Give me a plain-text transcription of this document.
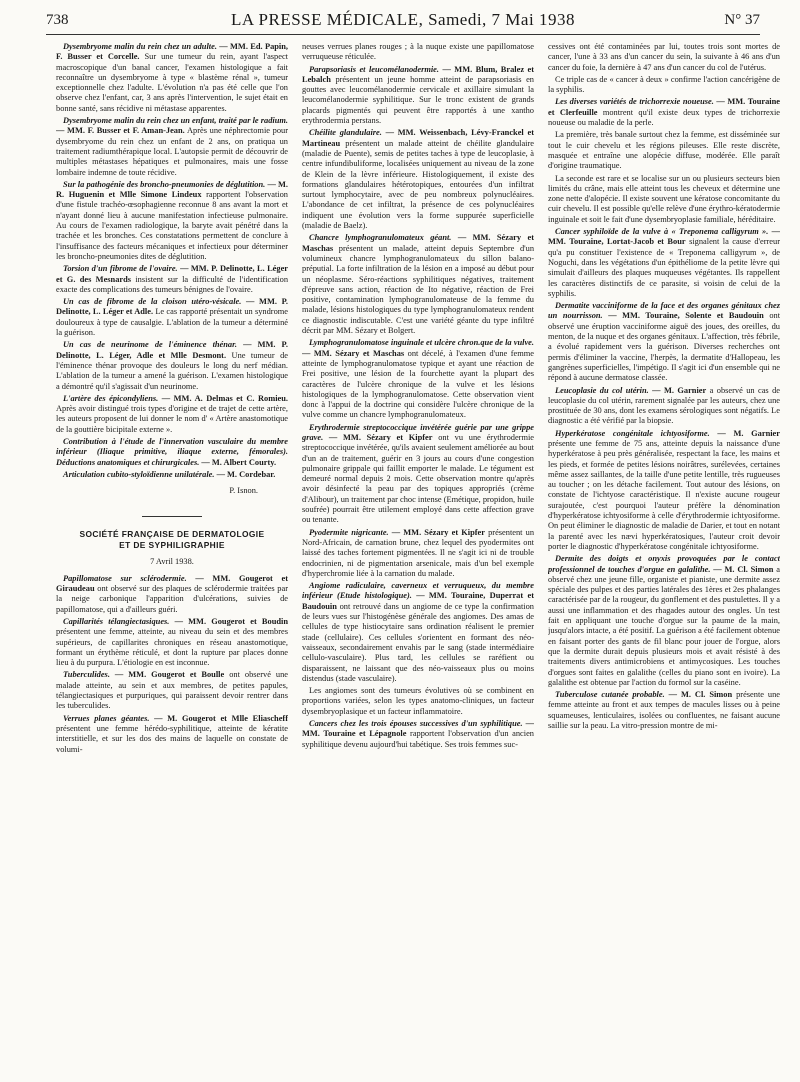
738	LA PRESSE MÉDICALE, Samedi, 7 Mai 1938	N° 37

Dysembryome malin du rein chez un adulte. — MM. Ed. Papin, F. Busser et Corcelle. Sur une tumeur du rein, ayant l'aspect macroscopique d'un banal cancer, l'examen histologique a fait reconnaître un dysembryome à type « blastème rénal », tumeur exceptionnelle chez l'adulte. L'évolution n'a pas été celle que l'on observe chez l'enfant, car, 3 ans après l'intervention, le sujet était en bonne santé, sans récidive ni métastase apparentes.

Dysembryome malin du rein chez un enfant, traité par le radium. — MM. F. Busser et F. Aman-Jean. Après une néphrectomie pour dysembryome du rein chez un enfant de 2 ans, on pratiqua un traitement radiumthérapique local. L'autopsie permit de découvrir de multiples métastases hépatiques et pulmonaires, mais une fosse lombaire indemne de toute récidive.

Sur la pathogénie des broncho-pneumonies de déglutition. — M. R. Huguenin et Mlle Simone Lindeux rapportent l'observation d'une fistule trachéo-œsophagienne reconnue 8 ans avant la mort et n'ayant donné lieu à aucune manifestation infectieuse pulmonaire. Au cours de l'examen radiologique, la baryte avait pénétré dans la trachée et les bronches. Ces constatations permettent de conclure à l'insuffisance des facteurs mécaniques et infectieux pour déterminer les broncho-pneumonies dites de déglutition.

Torsion d'un fibrome de l'ovaire. — MM. P. Delinotte, L. Léger et G. des Mesnards insistent sur la difficulté de l'identification exacte des complications des tumeurs bénignes de l'ovaire.

Un cas de fibrome de la cloison utéro-vésicale. — MM. P. Delinotte, L. Léger et Adle. Le cas rapporté présentait un syndrome douloureux à type de causalgie. L'ablation de la tumeur a déterminé la guérison.

Un cas de neurinome de l'éminence thénar. — MM. P. Delinotte, L. Léger, Adle et Mlle Desmont. Une tumeur de l'éminence thénar provoque des douleurs le long du nerf médian. L'ablation de la tumeur a amené la guérison. L'examen histologique a démontré qu'il s'agissait d'un neurinome.

L'artère des épicondyliens. — MM. A. Delmas et C. Romieu. Après avoir distingué trois types d'origine et de trajet de cette artère, les auteurs proposent de lui donner le nom d' « Artère anastomotique de la gouttière bicipitale externe ».

Contribution à l'étude de l'innervation vasculaire du membre inférieur (Iliaque primitive, iliaque externe, fémorales). Déductions anatomiques et chirurgicales. — M. Albert Courty.

Articulation cubito-styloïdienne unilatérale. — M. Cordebar.

P. Isnon.
SOCIÉTÉ FRANÇAISE DE DERMATOLOGIE
ET DE SYPHILIGRAPHIE
7 Avril 1938.

Papillomatose sur sclérodermie. — MM. Gougerot et Giraudeau ont observé sur des plaques de sclérodermie traitées par la neige carbonique l'apparition d'ulcérations, suivies de papillomatose, qui a d'ailleurs guéri.

Capillarités télangiectasiques. — MM. Gougerot et Boudin présentent une femme, atteinte, au niveau du sein et des membres supérieurs, de capillarites chroniques en réseau anastomotique, formant un érythème réticulé, et dont la rupture par places donne lieu à du purpura. L'étiologie en est inconnue.

Tuberculides. — MM. Gougerot et Boulle ont observé une malade atteinte, au sein et aux membres, de petites papules, télangiectasiques et purpuriques, qui paraissent devoir rentrer dans les tuberculides.

Verrues planes géantes. — M. Gougerot et Mlle Eliascheff présentent une femme hérédo-syphilitique, atteinte de kératite interstitielle, et sur les dos des mains de laquelle on constate de volumi-

neuses verrues planes rouges ; à la nuque existe une papillomatose verruqueuse réticulée.

Parapsoriasis et leucomélanodermie. — MM. Blum, Bralez et Lebalch présentent un jeune homme atteint de parapsoriasis en gouttes avec leucomélanodermie cervicale et axillaire simulant la leucomélanodermie syphilitique. Sur le tronc existent de grands placards pigmentés qui peuvent être rapportés à une xantho erythrodermia perstans.

Chéilite glandulaire. — MM. Weissenbach, Lévy-Franckel et Martineau présentent un malade atteint de chéilite glandulaire (maladie de Puente), semis de petites taches à type de leucoplasie, à centre infundibuliforme, localisées uniquement au niveau de la zone de Klein de la lèvre inférieure. Histologiquement, il existe des formations glandulaires hétérotopiques, entourées d'un infiltrat surtout lymphocytaire, avec de peu nombreux polynucléaires. L'abondance de cet infiltrat, la présence de ces polynucléaires indiquent une évolution vers la forme suppurée superficielle (maladie de Baelz).

Chancre lymphogranulomateux géant. — MM. Sézary et Maschas présentent un malade, atteint depuis Septembre d'un volumineux chancre lymphogranulomateux du sillon balano-préputial. La forte infiltration de la lésion en a imposé au début pour un néoplasme. Séro-réactions syphilitiques négatives, traitement d'épreuve sans action, réaction de Ito négative, réaction de Frei positive, contamination lymphogranulomateuse de la femme du malade, lésions histologiques du type lymphogranulomateux rendent ce diagnostic indiscutable. C'est une variété géante du type infiltré décrit par MM. Sézary et Bolgert.

Lymphogranulomatose inguinale et ulcère chron.que de la vulve. — MM. Sézary et Maschas ont décelé, à l'examen d'une femme atteinte de lymphogranulomatose typique et ayant une réaction de Frei positive, une lésion de la fourchette ayant la plupart des caractères de l'ulcère chronique de la vulve et les lésions histologiques de la lymphogranulomatose. Cette observation vient donc à l'appui de la doctrine qui considère l'ulcère chronique de la vulve comme un chancre lymphogranulomateux.

Erythrodermie streptococcique invétérée guérie par une grippe grave. — MM. Sézary et Kipfer ont vu une érythrodermie streptococcique invétérée, qu'ils avaient seulement améliorée au bout d'un an de traitement, guérir en 3 jours au cours d'une congestion pulmonaire grippale qui faillit emporter le malade. Le tégument est demeuré normal depuis 2 mois. Cette observation montre qu'après avoir désinfecté la peau par des topiques appropriés (crème d'Alibour), un traitement par choc intense (Emétique, propidon, huile soufrée) pourrait être utilement employé dans cette affection grave ou tenante.

Pyodermite nigricante. — MM. Sézary et Kipfer présentent un Nord-Africain, de carnation brune, chez lequel des pyodermites ont laissé des taches fortement pigmentées. Il ne s'agit ici ni de trouble endocrinien, ni de pigmentation arsenicale, mais d'un bel exemple d'hyperchromie liée à la carnation du malade.

Angiome radiculaire, caverneux et verruqueux, du membre inférieur (Etude histologique). — MM. Touraine, Duperrat et Baudouin ont retrouvé dans un angiome de ce type la confirmation de leurs vues sur l'histogénèse générale des angiomes. Des amas de cellules de type histiocytaire sans ordination réalisent le premier stade (cellulaire). Ces cellules s'orientent en formant des néo-vaisseaux, secondairement envahis par le sang (stade intermédiaire cellulo-vasculaire). Plus tard, les cellules se raréfient ou disparaissent, ne laissant que des néo-vaisseaux plus ou moins distendus (stade vasculaire).

Les angiomes sont des tumeurs évolutives où se combinent en proportions variées, selon les types anatomo-cliniques, un facteur dysembryoplasique et un facteur inflammatoire.

Cancers chez les trois épouses successives d'un syphilitique. — MM. Touraine et Lépagnole rapportent l'observation d'un ancien syphilitique devenu aujourd'hui tabétique. Ses trois femmes suc-

cessives ont été contaminées par lui, toutes trois sont mortes de cancer, l'une à 33 ans d'un cancer du sein, la suivante à 46 ans d'un cancer du foie, la dernière à 47 ans d'un cancer du col de l'utérus.

Ce triple cas de « cancer à deux » confirme l'action cancérigène de la syphilis.

Les diverses variétés de trichorrexie noueuse. — MM. Touraine et Clerfeuille montrent qu'il existe deux types de trichorrexie noueuse ou maladie de la perle.

La première, très banale surtout chez la femme, est disséminée sur tout le cuir chevelu et les régions pileuses. Elle reste discrète, masquée et entraîne une alopécie diffuse, modérée. Elle paraît d'origine traumatique.

La seconde est rare et se localise sur un ou plusieurs secteurs bien limités du crâne, mais elle atteint tous les cheveux et détermine une zone nette d'alopécie. Il existe souvent une kératose concomitante du cuir chevelu. Il est possible qu'elle relève d'une érythro-kératodermie inguinale et soit le fait d'une dysembryoplasie familiale, héréditaire.

Cancer syphiloïde de la vulve à « Treponema calligyrum ». — MM. Touraine, Lortat-Jacob et Bour signalent la cause d'erreur qu'a pu constituer l'existence de « Treponema calligyrum », de Noguchi, dans les végétations d'un épithéliome de la petite lèvre qui simulait d'ailleurs des plaques muqueuses végétantes. Ils rappellent les caractères distinctifs de ce parasite, si voisin de celui de la syphilis.

Dermatite vacciniforme de la face et des organes génitaux chez un nourrisson. — MM. Touraine, Solente et Baudouin ont observé une éruption vacciniforme aiguë des joues, des oreilles, du menton, de la nuque et des organes génitaux. L'affection, très fébrile, a évolué rapidement vers la guérison. Diverses recherches ont permis d'éliminer la vaccine, l'herpès, la dermatite d'Hallopeau, les gangrènes superficielles, l'impétigo. Il s'agit ici d'un ensemble qui ne répond à aucune dermatose classée.

Leucoplasie du col utérin. — M. Garnier a observé un cas de leucoplasie du col utérin, rarement signalée par les auteurs, chez une prostituée de 30 ans, dont les examens sérologiques sont négatifs. Le diagnostic a été vérifié par la biopsie.

Hyperkératose congénitale ichtyosiforme. — M. Garnier présente une femme de 75 ans, atteinte depuis la naissance d'une hyperkératose à peu près généralisée, respectant la face, les mains et les pieds, et formée de petites lésions noirâtres, surélevées, certaines même assez saillantes, de la taille d'une petite lentille, très rugueuses au toucher ; on les détache facilement. Tout autour des lésions, on constate de l'ichtyose caractéristique. Il n'existe aucune rougeur surajoutée, c'est pourquoi l'auteur préfère la dénomination d'hyperkératose ichtyosiforme à celle d'érythrodermie ichtyosiforme. On peut éliminer le diagnostic de maladie de Darier, et tout en notant la parenté avec les nævi hyperkératosiques, l'auteur croit devoir porter le diagnostic d'hyperkératose congénitale ichtyosiforme.

Dermite des doigts et onyxis provoquées par le contact professionnel de touches d'orgue en galalithe. — M. Cl. Simon a observé chez une jeune fille, organiste et pianiste, une dermite assez spéciale des pulpes et des parties latérales des 1ères et 2es phalanges caractérisée par de la rougeur, du gonflement et des pustulettes. Il y a aussi une inflammation et des rhagades autour des ongles. Un test fait en appliquant une touche d'orgue sur la paume de la main, jusqu'alors intacte, a été positif. La guérison a été facilement obtenue en faisant porter des gants de fil blanc pour jouer de l'orgue, alors que la dermite durait depuis plusieurs mois et avait résisté à des traitements divers antimicrobiens et antimycosiques. Les touches d'orgues sont faites en galalithe (celles du piano sont en ivoire). La galalithe est obtenue par l'action du formol sur la caséine.

Tuberculose cutanée probable. — M. Cl. Simon présente une femme atteinte au front et aux tempes de macules lisses ou à peine squameuses, lenticulaires, isolées ou confluentes, ne faisant aucune saillie sur la peau. La vitro-pression montre de mi-
